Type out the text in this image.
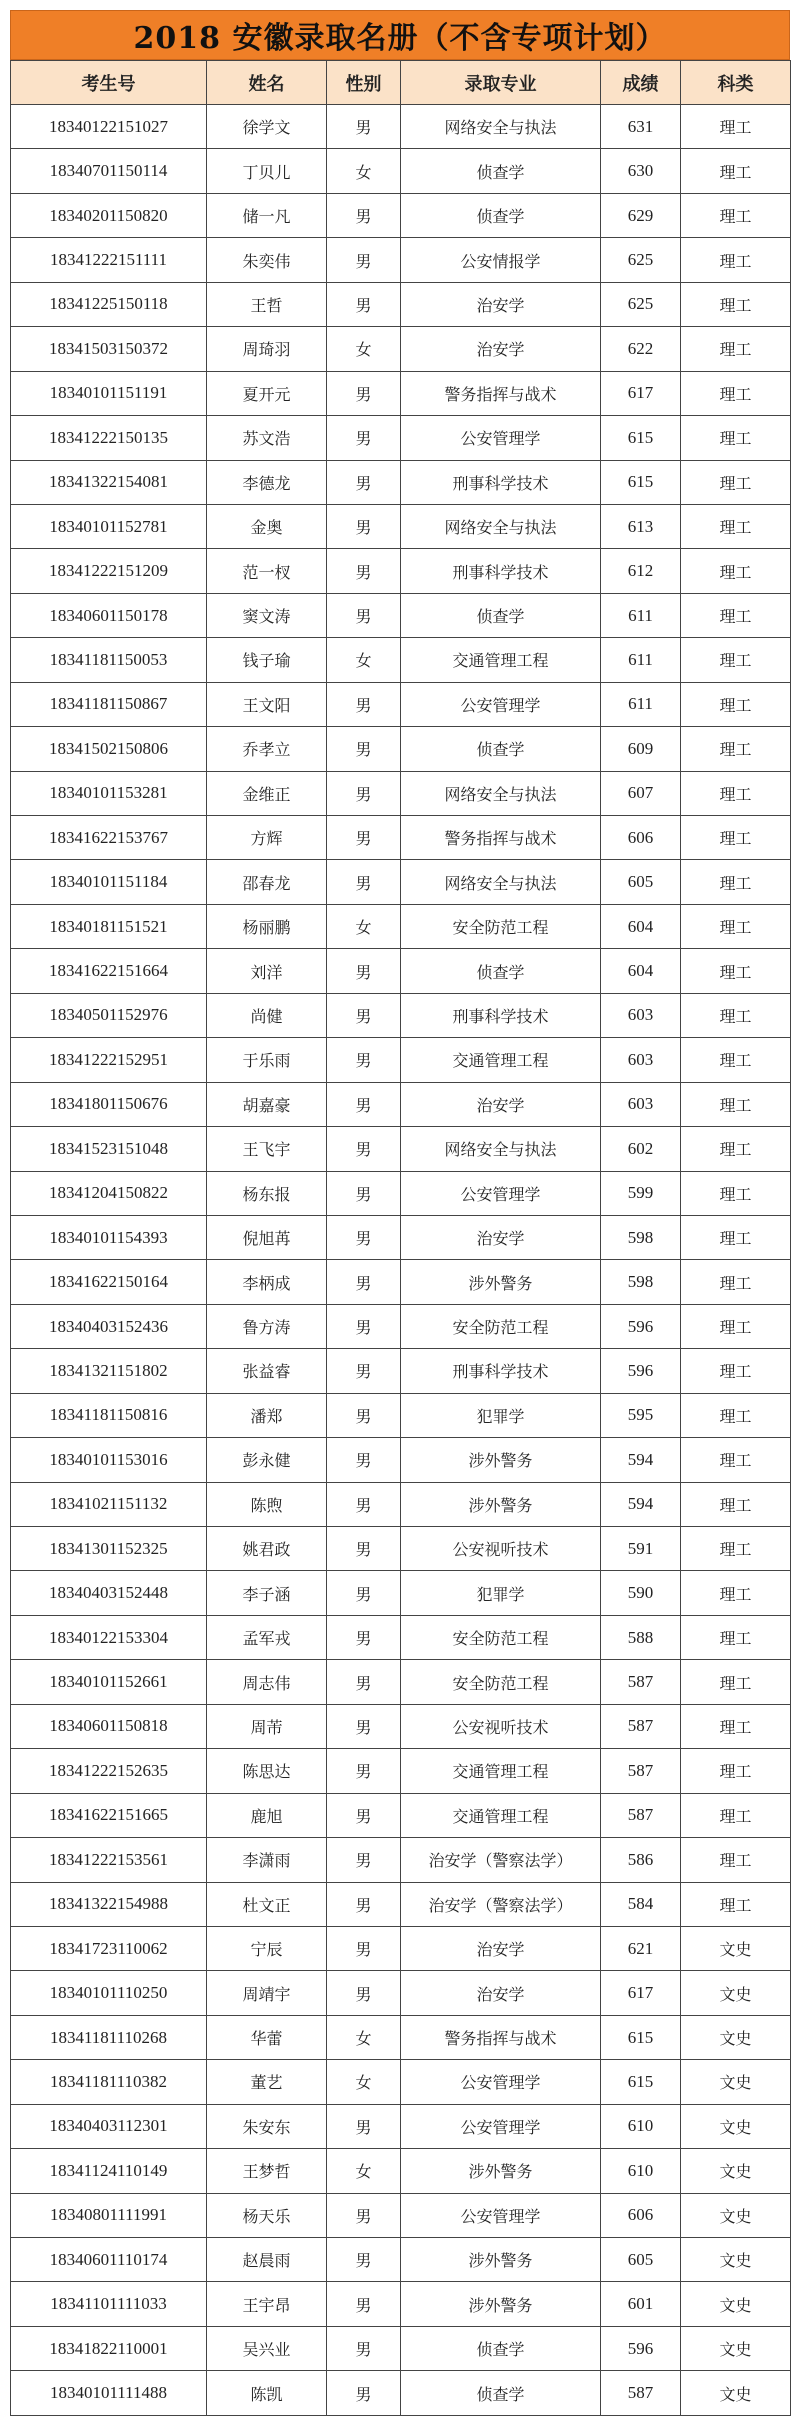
2018 安徽录取名册（不含专项计划）
考生号	姓名	性别	录取专业	成绩	科类
18340122151027	徐学文	男	网络安全与执法	631	理工
18340701150114	丁贝儿	女	侦查学	630	理工
18340201150820	储一凡	男	侦查学	629	理工
18341222151111	朱奕伟	男	公安情报学	625	理工
18341225150118	王哲	男	治安学	625	理工
18341503150372	周琦羽	女	治安学	622	理工
18340101151191	夏开元	男	警务指挥与战术	617	理工
18341222150135	苏文浩	男	公安管理学	615	理工
18341322154081	李德龙	男	刑事科学技术	615	理工
18340101152781	金奥	男	网络安全与执法	613	理工
18341222151209	范一杈	男	刑事科学技术	612	理工
18340601150178	窦文涛	男	侦查学	611	理工
18341181150053	钱子瑜	女	交通管理工程	611	理工
18341181150867	王文阳	男	公安管理学	611	理工
18341502150806	乔孝立	男	侦查学	609	理工
18340101153281	金维正	男	网络安全与执法	607	理工
18341622153767	方辉	男	警务指挥与战术	606	理工
18340101151184	邵春龙	男	网络安全与执法	605	理工
18340181151521	杨丽鹏	女	安全防范工程	604	理工
18341622151664	刘洋	男	侦查学	604	理工
18340501152976	尚健	男	刑事科学技术	603	理工
18341222152951	于乐雨	男	交通管理工程	603	理工
18341801150676	胡嘉豪	男	治安学	603	理工
18341523151048	王飞宇	男	网络安全与执法	602	理工
18341204150822	杨东报	男	公安管理学	599	理工
18340101154393	倪旭苒	男	治安学	598	理工
18341622150164	李柄成	男	涉外警务	598	理工
18340403152436	鲁方涛	男	安全防范工程	596	理工
18341321151802	张益睿	男	刑事科学技术	596	理工
18341181150816	潘郑	男	犯罪学	595	理工
18340101153016	彭永健	男	涉外警务	594	理工
18341021151132	陈煦	男	涉外警务	594	理工
18341301152325	姚君政	男	公安视听技术	591	理工
18340403152448	李子涵	男	犯罪学	590	理工
18340122153304	孟军戎	男	安全防范工程	588	理工
18340101152661	周志伟	男	安全防范工程	587	理工
18340601150818	周芾	男	公安视听技术	587	理工
18341222152635	陈思达	男	交通管理工程	587	理工
18341622151665	鹿旭	男	交通管理工程	587	理工
18341222153561	李潇雨	男	治安学（警察法学）	586	理工
18341322154988	杜文正	男	治安学（警察法学）	584	理工
18341723110062	宁辰	男	治安学	621	文史
18340101110250	周靖宇	男	治安学	617	文史
18341181110268	华蕾	女	警务指挥与战术	615	文史
18341181110382	董艺	女	公安管理学	615	文史
18340403112301	朱安东	男	公安管理学	610	文史
18341124110149	王梦哲	女	涉外警务	610	文史
18340801111991	杨天乐	男	公安管理学	606	文史
18340601110174	赵晨雨	男	涉外警务	605	文史
18341101111033	王宇昂	男	涉外警务	601	文史
18341822110001	吴兴业	男	侦查学	596	文史
18340101111488	陈凯	男	侦查学	587	文史
